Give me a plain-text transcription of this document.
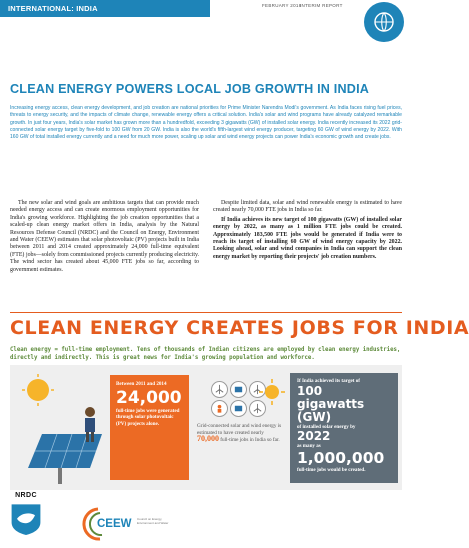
INTERNATIONAL: INDIA	FEBRUARY 2018
INTERIM REPORT
CLEAN ENERGY POWERS LOCAL JOB GROWTH IN INDIA
Increasing energy access, clean energy development, and job creation are national priorities for Prime Minister Narendra Modi's government. As India faces rising fuel prices, threats to energy security, and the impacts of climate change, renewable energy offers a critical solution. India's solar and wind programs have already catalyzed remarkable growth. In just four years, India's solar market has grown more than a hundredfold, exceeding 3 gigawatts (GW) of installed solar energy. India recently increased its 2022 grid-connected solar energy target by five-fold to 100 GW from 20 GW. India is also the world's fifth-largest wind energy producer, targeting 60 GW of wind energy by 2022. With 160 GW of total installed energy currently and a need for much more power, scaling up solar and wind energy projects can power India's economic growth and create jobs.

The new solar and wind goals are ambitious targets that can provide much needed energy access and can create enormous employment opportunities for India's growing workforce. Highlighting the job creation opportunities that a scaled-up clean energy market offers in India, analysis by the Natural Resources Defense Council (NRDC) and the Council on Energy, Environment and Water (CEEW) estimates that solar photovoltaic (PV) projects built in India between 2011 and 2014 created approximately 24,000 full-time equivalent (FTE) jobs—solely from commissioned projects currently producing electricity. The wind sector has created about 45,000 FTE jobs so far, according to government estimates.

Despite limited data, solar and wind renewable energy is estimated to have created nearly 70,000 FTE jobs in India so far.

If India achieves its new target of 100 gigawatts (GW) of installed solar energy by 2022, as many as 1 million FTE jobs could be created. Approximately 183,500 FTE jobs would be generated if India were to reach its target of installing 60 GW of wind energy capacity by 2022. Looking ahead, solar and wind companies in India can support the clean energy market by reporting their projects' job creation numbers.

CLEAN ENERGY CREATES JOBS FOR INDIA
Clean energy = full-time employment. Tens of thousands of Indian citizens are employed by clean energy industries, directly and indirectly. This is great news for India's growing population and workforce.
Between 2011 and 2014
24,000
full-time jobs were generated through solar photovoltaic (PV) projects alone.	Grid-connected solar and wind energy is estimated to have created nearly 70,000 full-time jobs in India so far.
If India achieved its target of
100 gigawatts (GW)
of installed solar energy by
2022
as many as
1,000,000
full-time jobs would be created.
NRDC
CEEW Council on Energy, Environment and Water
